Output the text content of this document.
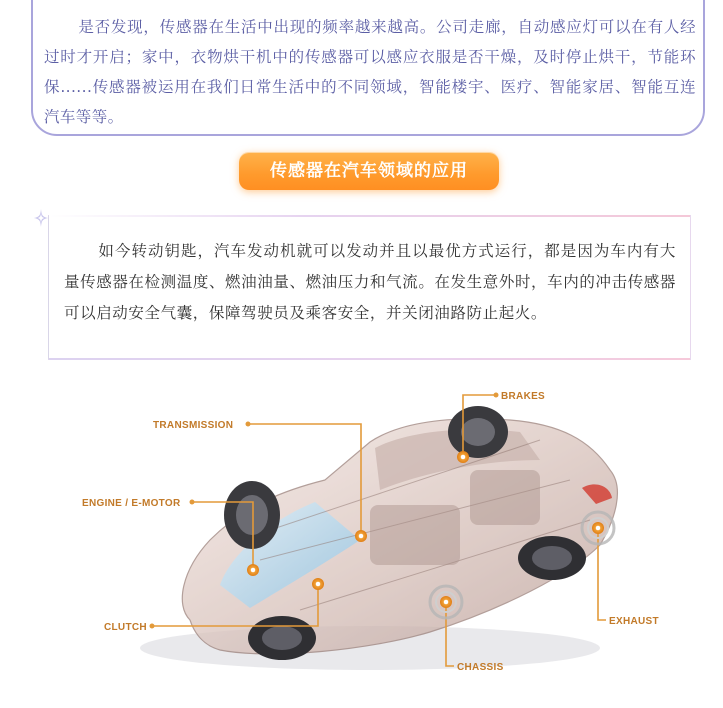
是否发现，传感器在生活中出现的频率越来越高。公司走廊，自动感应灯可以在有人经过时才开启；家中，衣物烘干机中的传感器可以感应衣服是否干燥，及时停止烘干，节能环保......传感器被运用在我们日常生活中的不同领域，智能楼宇、医疗、智能家居、智能互连汽车等等。

传感器在汽车领域的应用

如今转动钥匙，汽车发动机就可以发动并且以最优方式运行，都是因为车内有大量传感器在检测温度、燃油油量、燃油压力和气流。在发生意外时，车内的冲击传感器可以启动安全气囊，保障驾驶员及乘客安全，并关闭油路防止起火。

TRANSMISSION
BRAKES
ENGINE / E-MOTOR
CLUTCH
EXHAUST
CHASSIS
